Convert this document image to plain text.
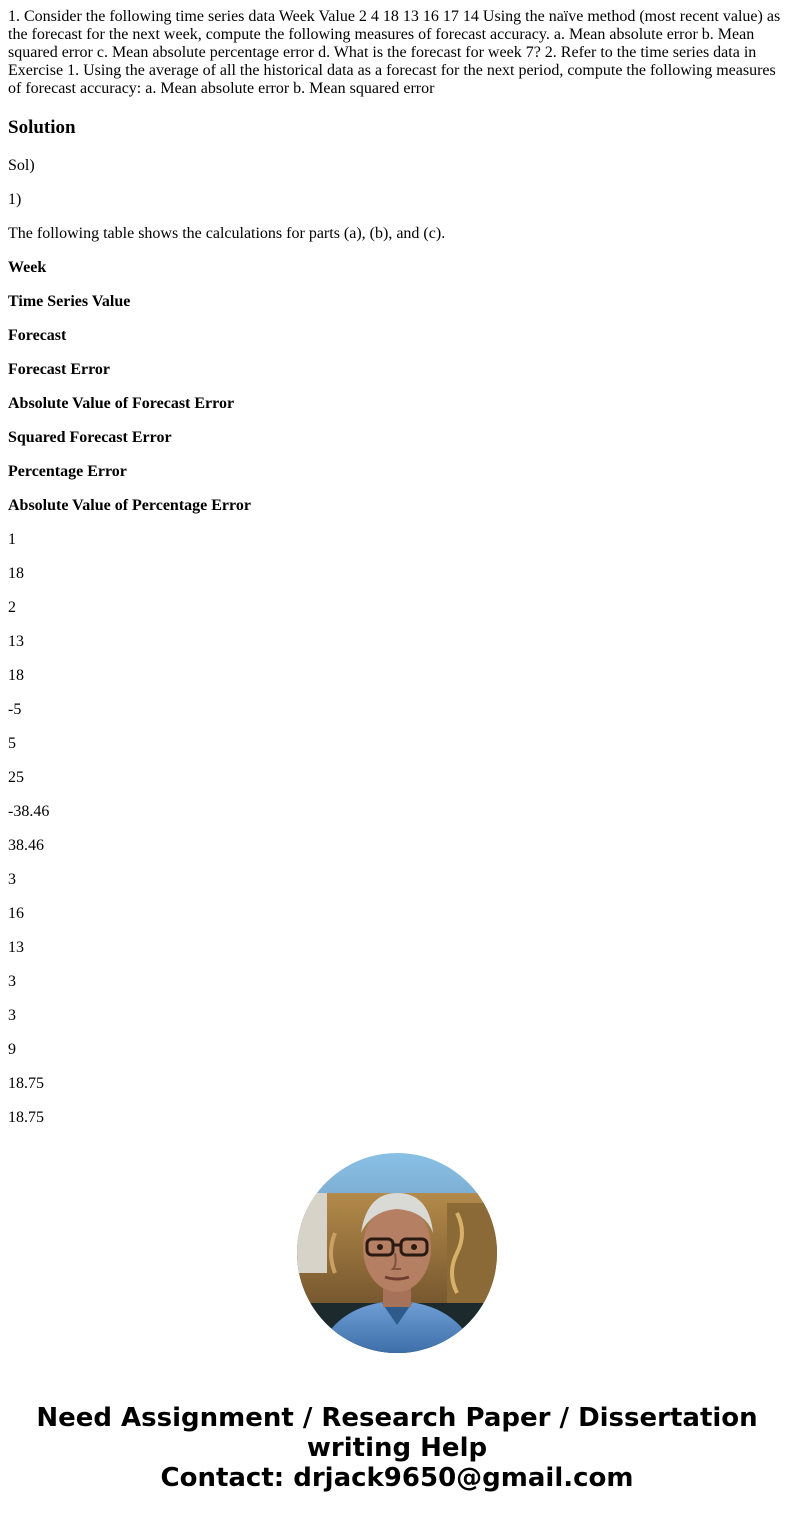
1. Consider the following time series data Week Value 2 4 18 13 16 17 14 Using the naïve method (most recent value) as the forecast for the next week, compute the following measures of forecast accuracy. a. Mean absolute error b. Mean squared error c. Mean absolute percentage error d. What is the forecast for week 7? 2. Refer to the time series data in Exercise 1. Using the average of all the historical data as a forecast for the next period, compute the following measures of forecast accuracy: a. Mean absolute error b. Mean squared error

Solution

Sol)

1)

The following table shows the calculations for parts (a), (b), and (c).

Week

Time Series Value

Forecast

Forecast Error

Absolute Value of Forecast Error

Squared Forecast Error

Percentage Error

Absolute Value of Percentage Error

1

18

2

13

18

-5

5

25

-38.46

38.46

3

16

13

3

3

9

18.75

18.75

Need Assignment / Research Paper / Dissertation
writing Help
Contact: drjack9650@gmail.com
